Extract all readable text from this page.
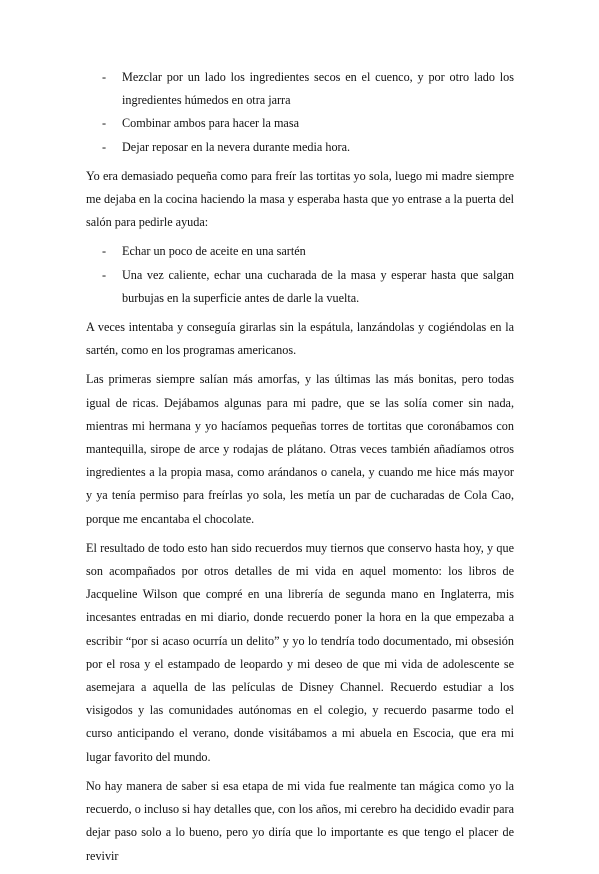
- Mezclar por un lado los ingredientes secos en el cuenco, y por otro lado los ingredientes húmedos en otra jarra
- Combinar ambos para hacer la masa
- Dejar reposar en la nevera durante media hora.

Yo era demasiado pequeña como para freír las tortitas yo sola, luego mi madre siempre me dejaba en la cocina haciendo la masa y esperaba hasta que yo entrase a la puerta del salón para pedirle ayuda:

- Echar un poco de aceite en una sartén
- Una vez caliente, echar una cucharada de la masa y esperar hasta que salgan burbujas en la superficie antes de darle la vuelta.

A veces intentaba y conseguía girarlas sin la espátula, lanzándolas y cogiéndolas en la sartén, como en los programas americanos.

Las primeras siempre salían más amorfas, y las últimas las más bonitas, pero todas igual de ricas. Dejábamos algunas para mi padre, que se las solía comer sin nada, mientras mi hermana y yo hacíamos pequeñas torres de tortitas que coronábamos con mantequilla, sirope de arce y rodajas de plátano. Otras veces también añadíamos otros ingredientes a la propia masa, como arándanos o canela, y cuando me hice más mayor y ya tenía permiso para freírlas yo sola, les metía un par de cucharadas de Cola Cao, porque me encantaba el chocolate.

El resultado de todo esto han sido recuerdos muy tiernos que conservo hasta hoy, y que son acompañados por otros detalles de mi vida en aquel momento: los libros de Jacqueline Wilson que compré en una librería de segunda mano en Inglaterra, mis incesantes entradas en mi diario, donde recuerdo poner la hora en la que empezaba a escribir “por si acaso ocurría un delito” y yo lo tendría todo documentado, mi obsesión por el rosa y el estampado de leopardo y mi deseo de que mi vida de adolescente se asemejara a aquella de las películas de Disney Channel. Recuerdo estudiar a los visigodos y las comunidades autónomas en el colegio, y recuerdo pasarme todo el curso anticipando el verano, donde visitábamos a mi abuela en Escocia, que era mi lugar favorito del mundo.

No hay manera de saber si esa etapa de mi vida fue realmente tan mágica como yo la recuerdo, o incluso si hay detalles que, con los años, mi cerebro ha decidido evadir para dejar paso solo a lo bueno, pero yo diría que lo importante es que tengo el placer de revivir
